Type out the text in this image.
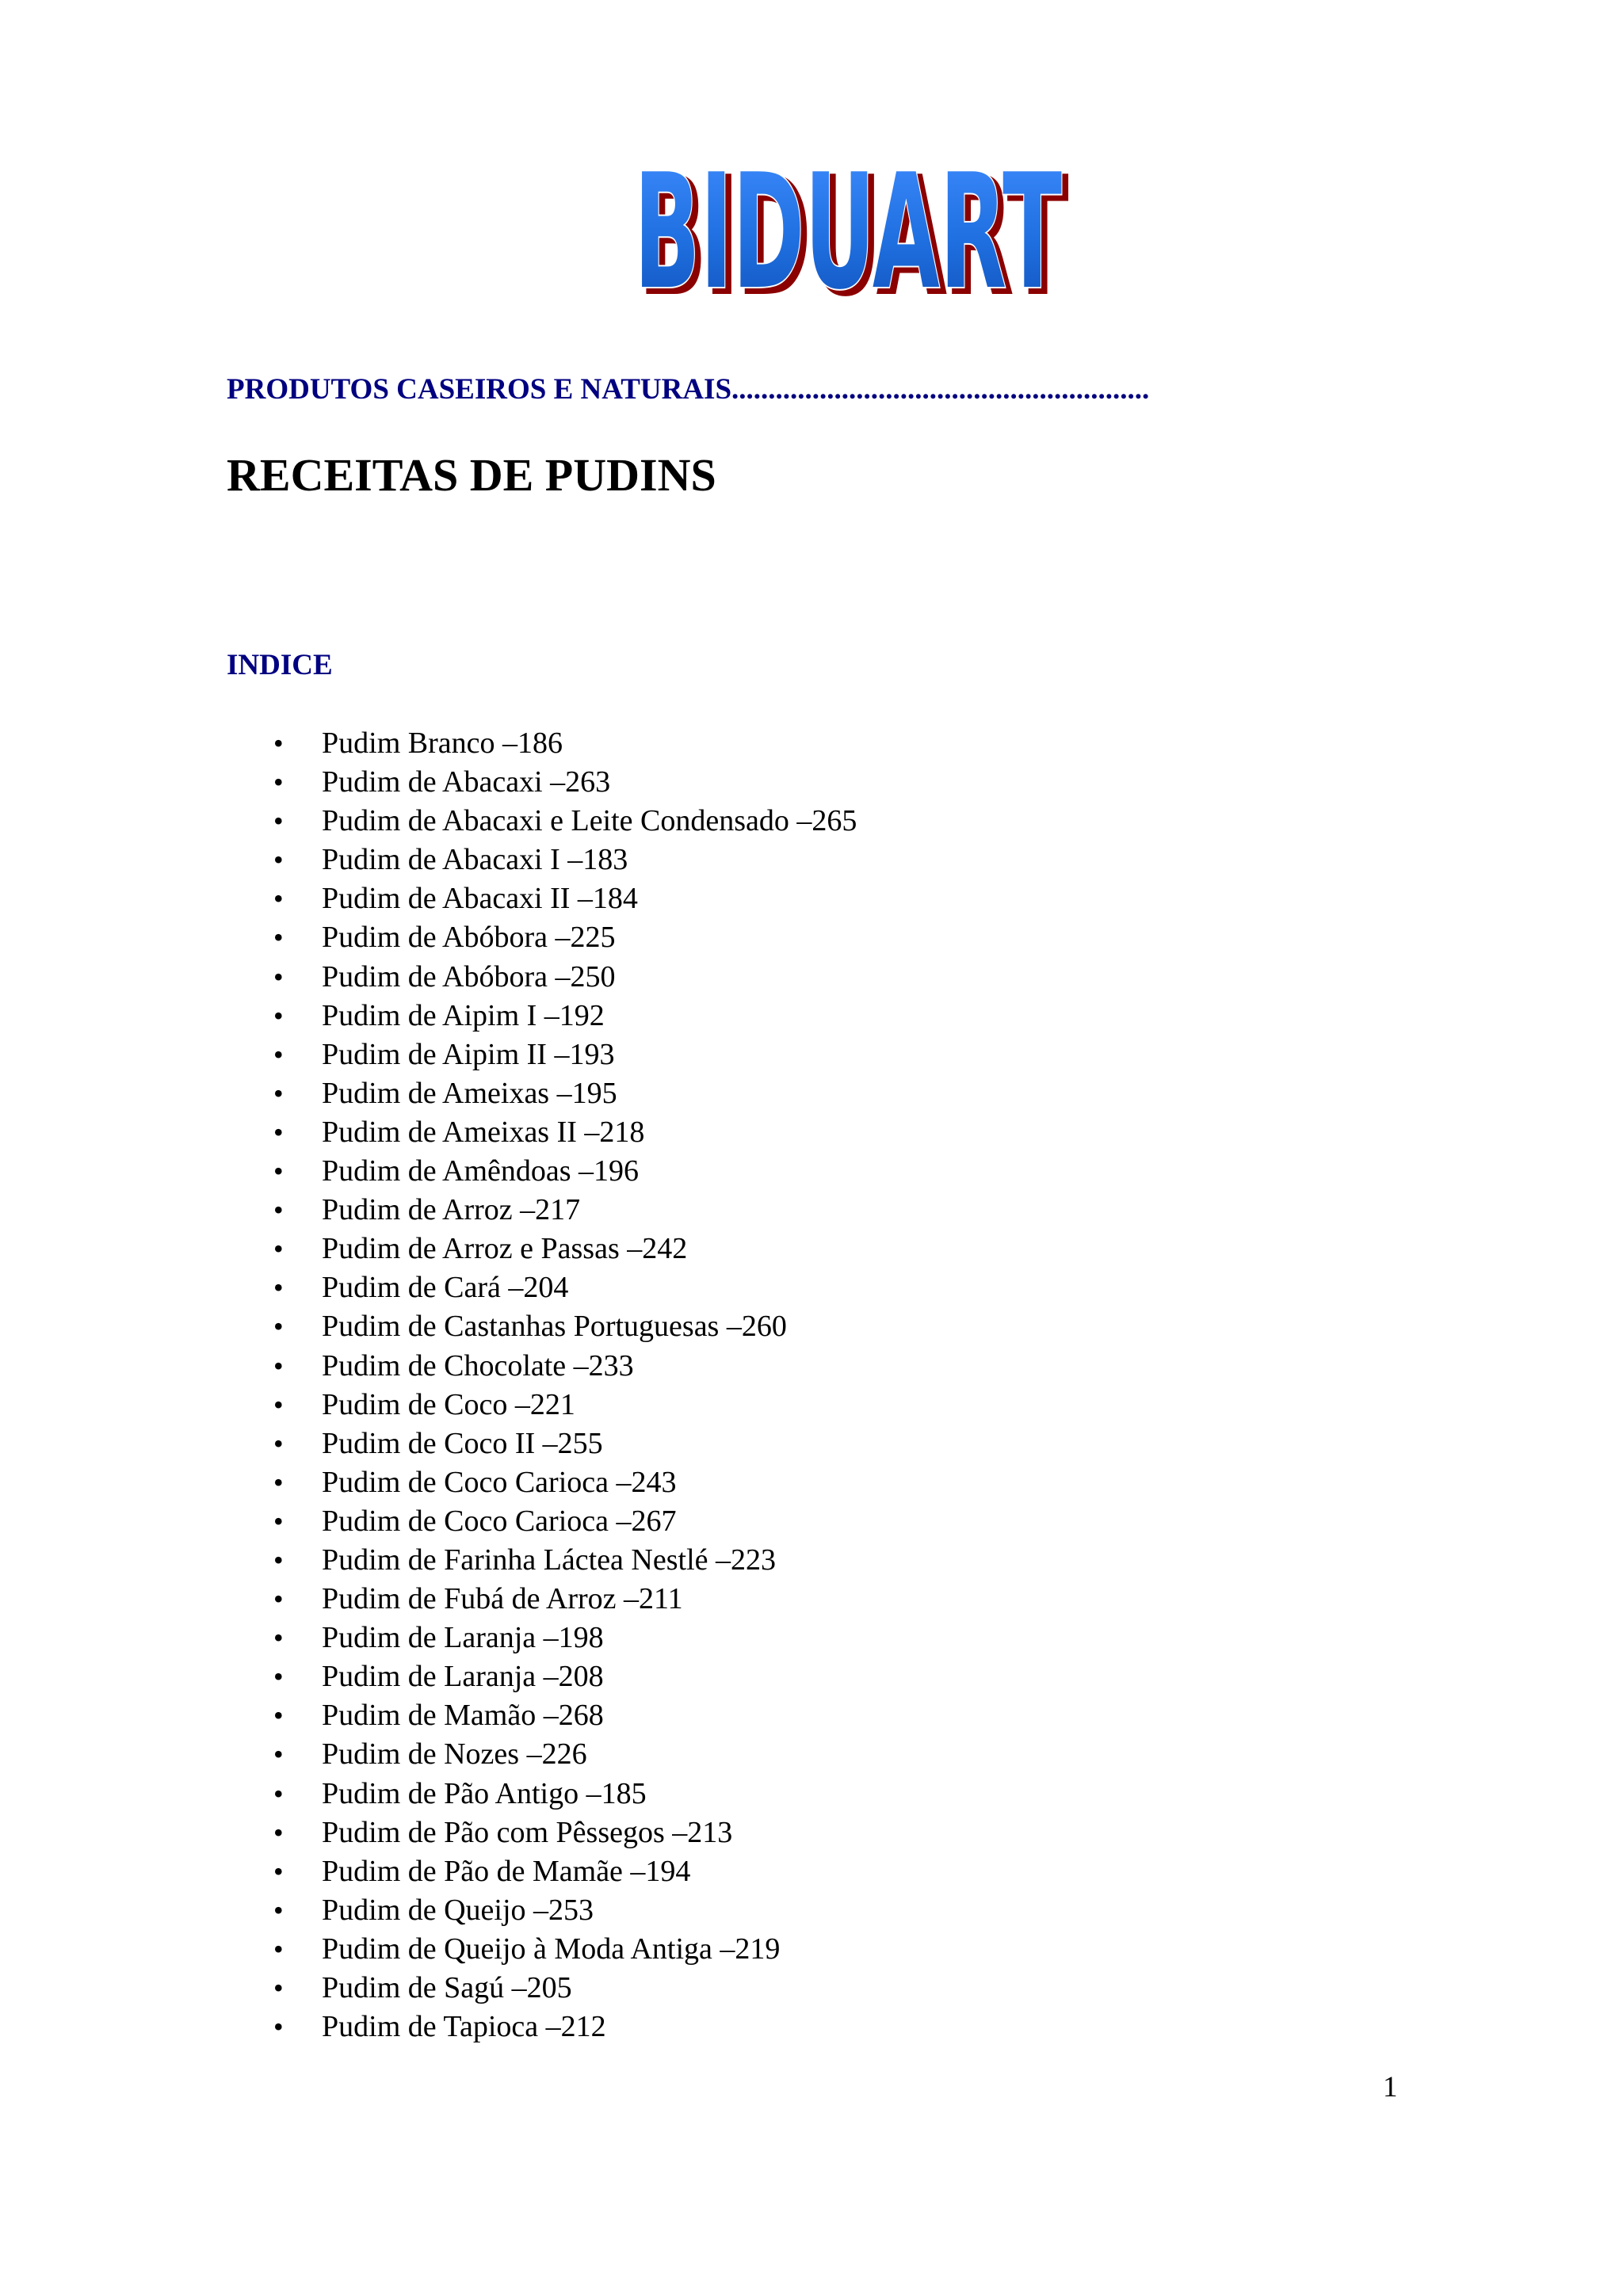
BIDUART
BIDUART
PRODUTOS CASEIROS E NATURAIS.........................................................
RECEITAS DE PUDINS
INDICE
• Pudim Branco –186
• Pudim de Abacaxi –263
• Pudim de Abacaxi e Leite Condensado –265
• Pudim de Abacaxi I –183
• Pudim de Abacaxi II –184
• Pudim de Abóbora –225
• Pudim de Abóbora –250
• Pudim de Aipim I –192
• Pudim de Aipim II –193
• Pudim de Ameixas –195
• Pudim de Ameixas II –218
• Pudim de Amêndoas –196
• Pudim de Arroz –217
• Pudim de Arroz e Passas –242
• Pudim de Cará –204
• Pudim de Castanhas Portuguesas –260
• Pudim de Chocolate –233
• Pudim de Coco –221
• Pudim de Coco II –255
• Pudim de Coco Carioca –243
• Pudim de Coco Carioca –267
• Pudim de Farinha Láctea Nestlé –223
• Pudim de Fubá de Arroz –211
• Pudim de Laranja –198
• Pudim de Laranja –208
• Pudim de Mamão –268
• Pudim de Nozes –226
• Pudim de Pão Antigo –185
• Pudim de Pão com Pêssegos –213
• Pudim de Pão de Mamãe –194
• Pudim de Queijo –253
• Pudim de Queijo à Moda Antiga –219
• Pudim de Sagú –205
• Pudim de Tapioca –212
1
